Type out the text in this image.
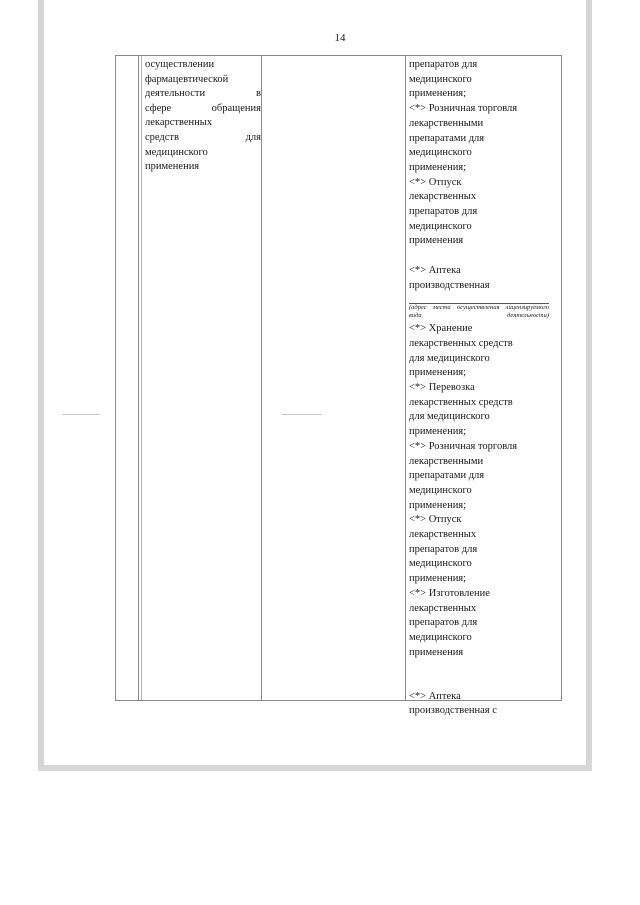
14
осуществлении
фармацевтической
деятельности в
сфере обращения
лекарственных
средств для
медицинского
применения
препаратов для
медицинского
применения;
<*> Розничная торговля
лекарственными
препаратами для
медицинского
применения;
<*> Отпуск
лекарственных
препаратов для
медицинского
применения
<*> Аптека
производственная
(адрес места осуществления лицензируемого вида деятельности)
<*> Хранение
лекарственных средств
для медицинского
применения;
<*> Перевозка
лекарственных средств
для медицинского
применения;
<*> Розничная торговля
лекарственными
препаратами для
медицинского
применения;
<*> Отпуск
лекарственных
препаратов для
медицинского
применения;
<*> Изготовление
лекарственных
препаратов для
медицинского
применения
<*> Аптека
производственная с
